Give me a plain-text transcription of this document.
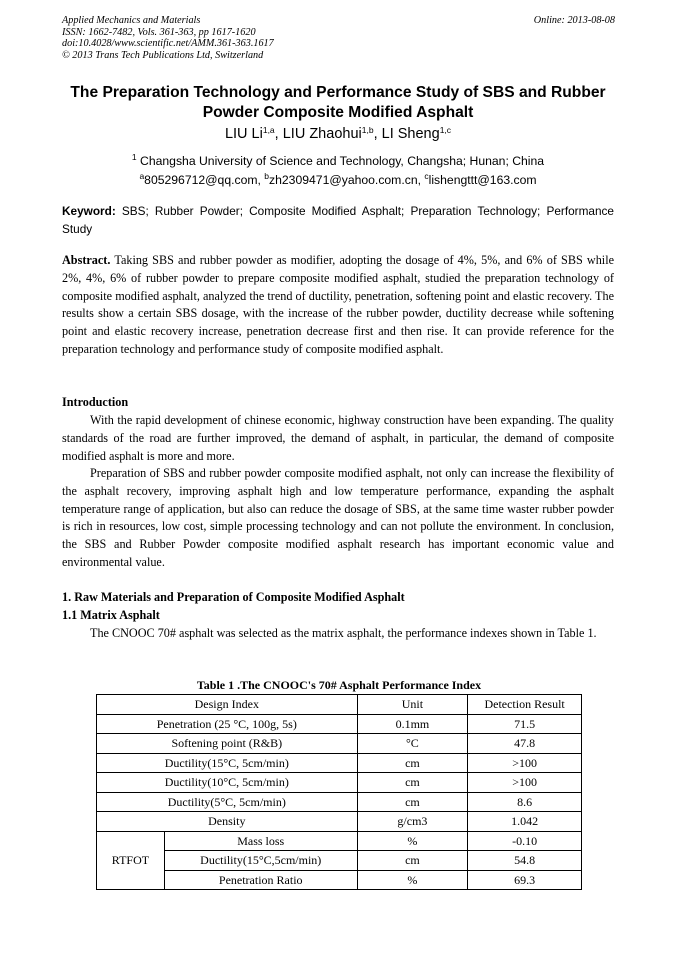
Applied Mechanics and Materials
ISSN: 1662-7482, Vols. 361-363, pp 1617-1620
doi:10.4028/www.scientific.net/AMM.361-363.1617
© 2013 Trans Tech Publications Ltd, Switzerland
Online: 2013-08-08
The Preparation Technology and Performance Study of SBS and Rubber
Powder Composite Modified Asphalt
LIU Li$^{1,a}$, LIU Zhaohui$^{1,b}$, LI Sheng$^{1,c}$
$^1$ Changsha University of Science and Technology, Changsha; Hunan; China
$^a$805296712@qq.com, $^b$zh2309471@yahoo.com.cn, $^c$lishengttt@163.com
Keyword: SBS; Rubber Powder; Composite Modified Asphalt; Preparation Technology; Performance Study
Abstract. Taking SBS and rubber powder as modifier, adopting the dosage of 4%, 5%, and 6% of SBS while 2%, 4%, 6% of rubber powder to prepare composite modified asphalt, studied the preparation technology of composite modified asphalt, analyzed the trend of ductility, penetration, softening point and elastic recovery. The results show a certain SBS dosage, with the increase of the rubber powder, ductility decrease while softening point and elastic recovery increase, penetration decrease first and then rise. It can provide reference for the preparation technology and performance study of composite modified asphalt.
Introduction
With the rapid development of chinese economic, highway construction have been expanding. The quality standards of the road are further improved, the demand of asphalt, in particular, the demand of composite modified asphalt is more and more.
Preparation of SBS and rubber powder composite modified asphalt, not only can increase the flexibility of the asphalt recovery, improving asphalt high and low temperature performance, expanding the asphalt temperature range of application, but also can reduce the dosage of SBS, at the same time waster rubber powder is rich in resources, low cost, simple processing technology and can not pollute the environment. In conclusion, the SBS and Rubber Powder composite modified asphalt research has important economic value and environmental value.
1. Raw Materials and Preparation of Composite Modified Asphalt
1.1 Matrix Asphalt
The CNOOC 70# asphalt was selected as the matrix asphalt, the performance indexes shown in Table 1.
Table 1 .The CNOOC's 70# Asphalt Performance Index
Design Index		Unit	Detection Result
Penetration (25 °C, 100g, 5s)		0.1mm	71.5
Softening point (R&B)		°C	47.8
Ductility(15°C, 5cm/min)		cm	>100
Ductility(10°C, 5cm/min)		cm	>100
Ductility(5°C, 5cm/min)		cm	8.6
Density		g/cm3	1.042
RTFOT	Mass loss	%	-0.10
	Ductility(15°C,5cm/min)	cm	54.8
	Penetration Ratio	%	69.3
